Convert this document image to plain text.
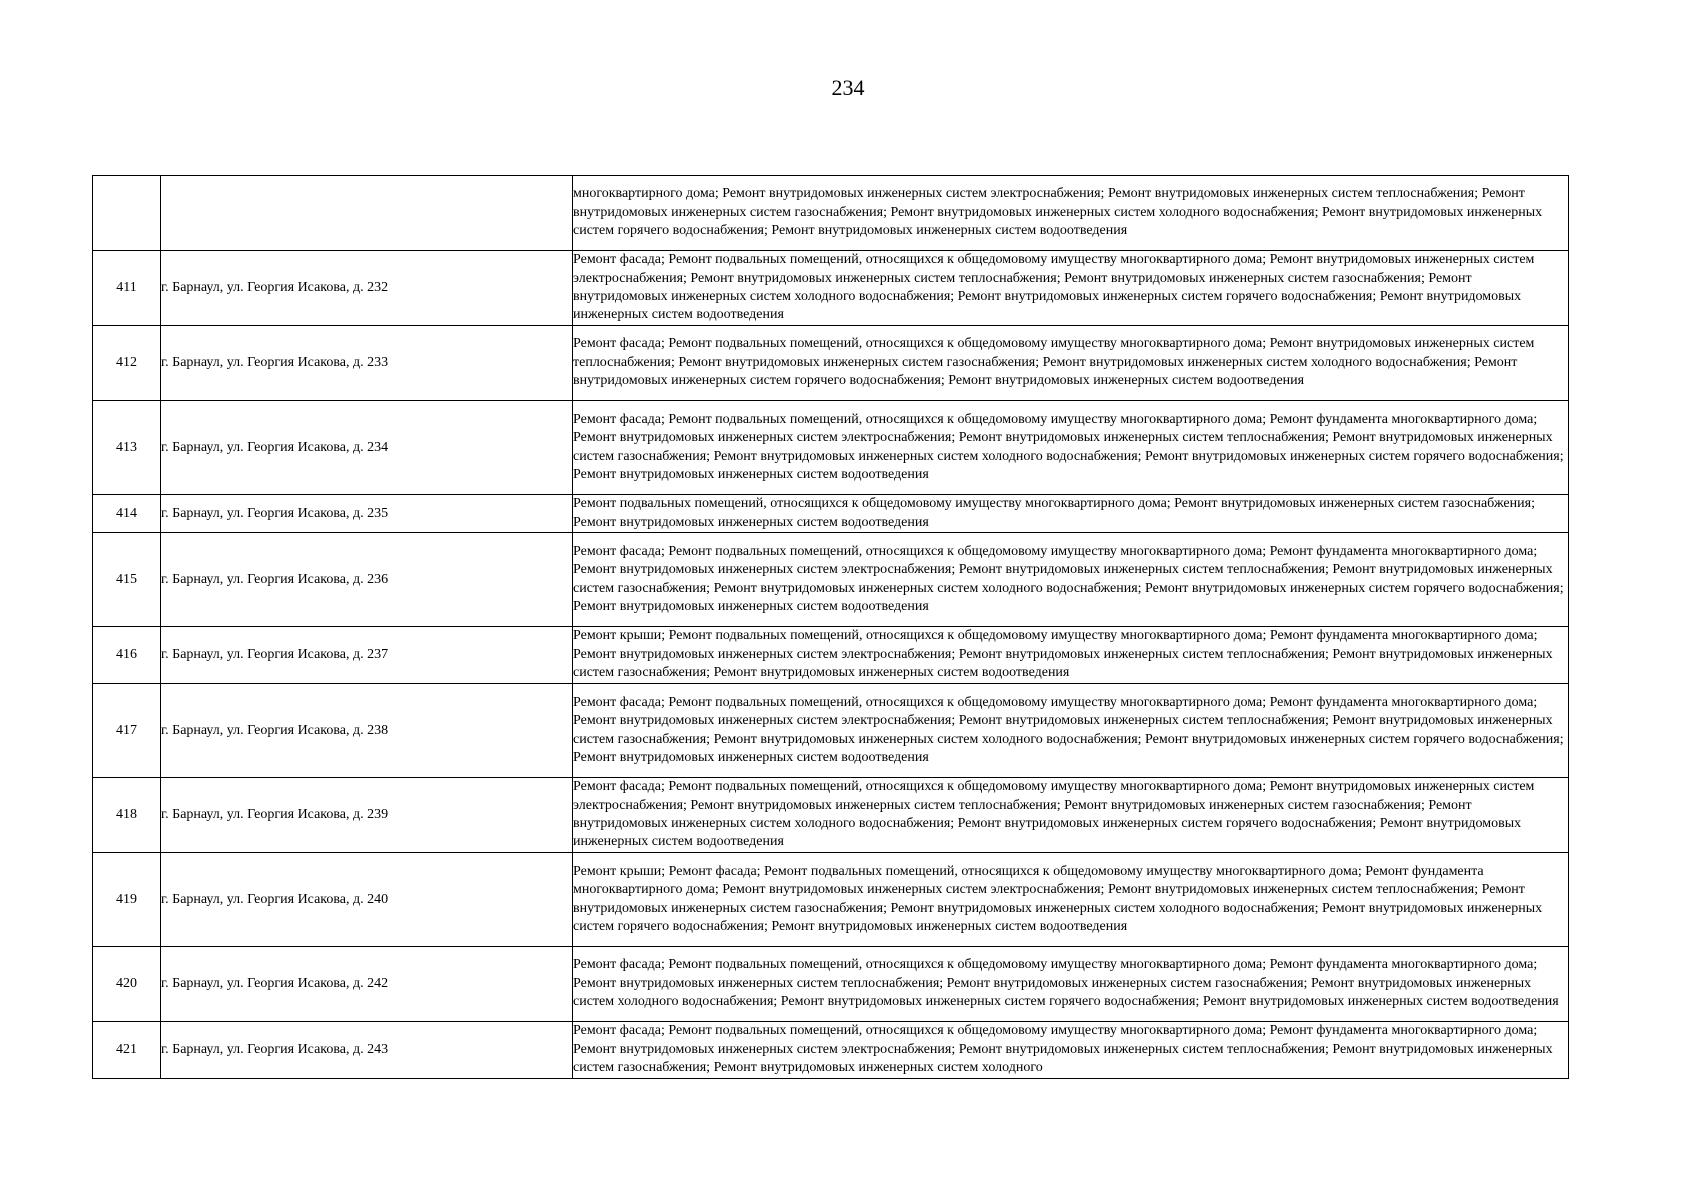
234

		многоквартирного дома; Ремонт внутридомовых инженерных систем электроснабжения; Ремонт внутридомовых инженерных систем теплоснабжения; Ремонт внутридомовых инженерных систем газоснабжения; Ремонт внутридомовых инженерных систем холодного водоснабжения; Ремонт внутридомовых инженерных систем горячего водоснабжения; Ремонт внутридомовых инженерных систем водоотведения

411	г. Барнаул, ул. Георгия Исакова, д. 232	Ремонт фасада; Ремонт подвальных помещений, относящихся к общедомовому имуществу многоквартирного дома; Ремонт внутридомовых инженерных систем электроснабжения; Ремонт внутридомовых инженерных систем теплоснабжения; Ремонт внутридомовых инженерных систем газоснабжения; Ремонт внутридомовых инженерных систем холодного водоснабжения; Ремонт внутридомовых инженерных систем горячего водоснабжения; Ремонт внутридомовых инженерных систем водоотведения

412	г. Барнаул, ул. Георгия Исакова, д. 233	Ремонт фасада; Ремонт подвальных помещений, относящихся к общедомовому имуществу многоквартирного дома; Ремонт внутридомовых инженерных систем теплоснабжения; Ремонт внутридомовых инженерных систем газоснабжения; Ремонт внутридомовых инженерных систем холодного водоснабжения; Ремонт внутридомовых инженерных систем горячего водоснабжения; Ремонт внутридомовых инженерных систем водоотведения

413	г. Барнаул, ул. Георгия Исакова, д. 234	Ремонт фасада; Ремонт подвальных помещений, относящихся к общедомовому имуществу многоквартирного дома; Ремонт фундамента многоквартирного дома; Ремонт внутридомовых инженерных систем электроснабжения; Ремонт внутридомовых инженерных систем теплоснабжения; Ремонт внутридомовых инженерных систем газоснабжения; Ремонт внутридомовых инженерных систем холодного водоснабжения; Ремонт внутридомовых инженерных систем горячего водоснабжения; Ремонт внутридомовых инженерных систем водоотведения

414	г. Барнаул, ул. Георгия Исакова, д. 235	Ремонт подвальных помещений, относящихся к общедомовому имуществу многоквартирного дома; Ремонт внутридомовых инженерных систем газоснабжения; Ремонт внутридомовых инженерных систем водоотведения

415	г. Барнаул, ул. Георгия Исакова, д. 236	Ремонт фасада; Ремонт подвальных помещений, относящихся к общедомовому имуществу многоквартирного дома; Ремонт фундамента многоквартирного дома; Ремонт внутридомовых инженерных систем электроснабжения; Ремонт внутридомовых инженерных систем теплоснабжения; Ремонт внутридомовых инженерных систем газоснабжения; Ремонт внутридомовых инженерных систем холодного водоснабжения; Ремонт внутридомовых инженерных систем горячего водоснабжения; Ремонт внутридомовых инженерных систем водоотведения

416	г. Барнаул, ул. Георгия Исакова, д. 237	Ремонт крыши; Ремонт подвальных помещений, относящихся к общедомовому имуществу многоквартирного дома; Ремонт фундамента многоквартирного дома; Ремонт внутридомовых инженерных систем электроснабжения; Ремонт внутридомовых инженерных систем теплоснабжения; Ремонт внутридомовых инженерных систем газоснабжения; Ремонт внутридомовых инженерных систем водоотведения

417	г. Барнаул, ул. Георгия Исакова, д. 238	Ремонт фасада; Ремонт подвальных помещений, относящихся к общедомовому имуществу многоквартирного дома; Ремонт фундамента многоквартирного дома; Ремонт внутридомовых инженерных систем электроснабжения; Ремонт внутридомовых инженерных систем теплоснабжения; Ремонт внутридомовых инженерных систем газоснабжения; Ремонт внутридомовых инженерных систем холодного водоснабжения; Ремонт внутридомовых инженерных систем горячего водоснабжения; Ремонт внутридомовых инженерных систем водоотведения

418	г. Барнаул, ул. Георгия Исакова, д. 239	Ремонт фасада; Ремонт подвальных помещений, относящихся к общедомовому имуществу многоквартирного дома; Ремонт внутридомовых инженерных систем электроснабжения; Ремонт внутридомовых инженерных систем теплоснабжения; Ремонт внутридомовых инженерных систем газоснабжения; Ремонт внутридомовых инженерных систем холодного водоснабжения; Ремонт внутридомовых инженерных систем горячего водоснабжения; Ремонт внутридомовых инженерных систем водоотведения

419	г. Барнаул, ул. Георгия Исакова, д. 240	Ремонт крыши; Ремонт фасада; Ремонт подвальных помещений, относящихся к общедомовому имуществу многоквартирного дома; Ремонт фундамента многоквартирного дома; Ремонт внутридомовых инженерных систем электроснабжения; Ремонт внутридомовых инженерных систем теплоснабжения; Ремонт внутридомовых инженерных систем газоснабжения; Ремонт внутридомовых инженерных систем холодного водоснабжения; Ремонт внутридомовых инженерных систем горячего водоснабжения; Ремонт внутридомовых инженерных систем водоотведения

420	г. Барнаул, ул. Георгия Исакова, д. 242	Ремонт фасада; Ремонт подвальных помещений, относящихся к общедомовому имуществу многоквартирного дома; Ремонт фундамента многоквартирного дома; Ремонт внутридомовых инженерных систем теплоснабжения; Ремонт внутридомовых инженерных систем газоснабжения; Ремонт внутридомовых инженерных систем холодного водоснабжения; Ремонт внутридомовых инженерных систем горячего водоснабжения; Ремонт внутридомовых инженерных систем водоотведения

421	г. Барнаул, ул. Георгия Исакова, д. 243	Ремонт фасада; Ремонт подвальных помещений, относящихся к общедомовому имуществу многоквартирного дома; Ремонт фундамента многоквартирного дома; Ремонт внутридомовых инженерных систем электроснабжения; Ремонт внутридомовых инженерных систем теплоснабжения; Ремонт внутридомовых инженерных систем газоснабжения; Ремонт внутридомовых инженерных систем холодного
